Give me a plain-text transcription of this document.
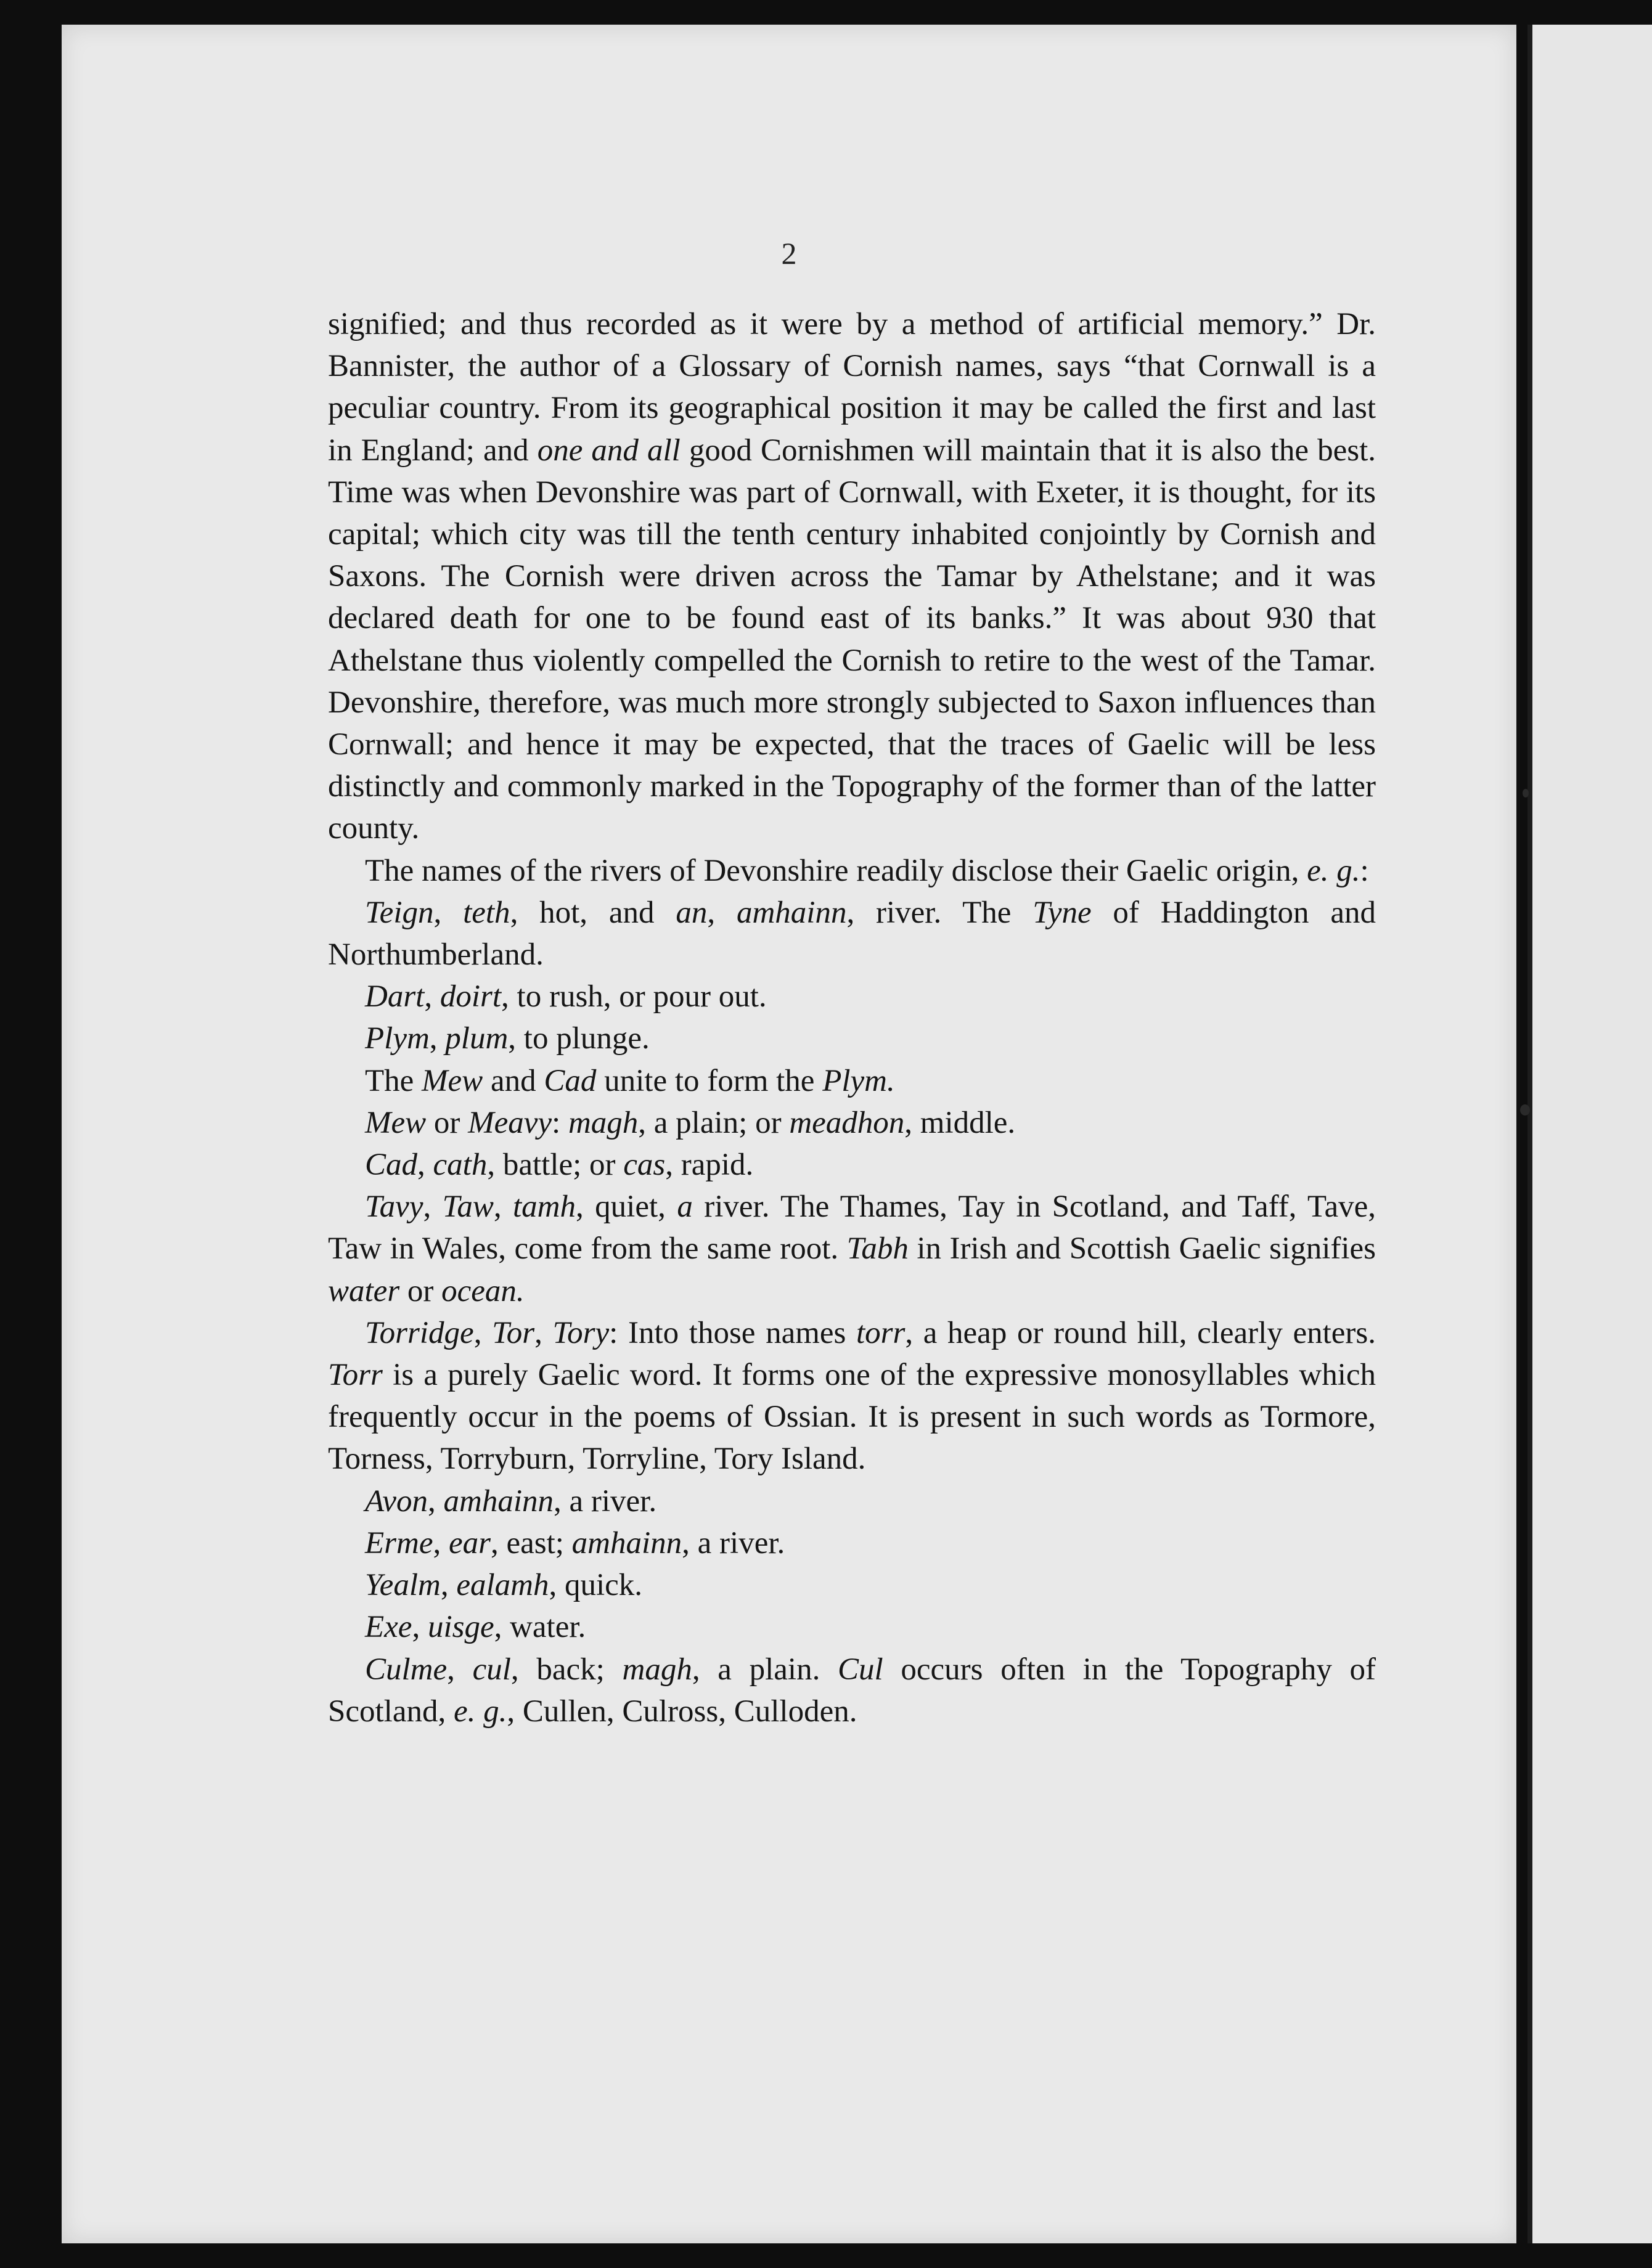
2

signified; and thus recorded as it were by a method of artificial memory.” Dr. Bannister, the author of a Glossary of Cornish names, says “that Cornwall is a peculiar country. From its geographical position it may be called the first and last in England; and one and all good Cornishmen will maintain that it is also the best. Time was when Devonshire was part of Cornwall, with Exeter, it is thought, for its capital; which city was till the tenth century inhabited conjointly by Cornish and Saxons. The Cornish were driven across the Tamar by Athelstane; and it was declared death for one to be found east of its banks.” It was about 930 that Athelstane thus violently compelled the Cornish to retire to the west of the Tamar. Devonshire, therefore, was much more strongly subjected to Saxon influences than Cornwall; and hence it may be expected, that the traces of Gaelic will be less distinctly and commonly marked in the Topography of the former than of the latter county.

The names of the rivers of Devonshire readily disclose their Gaelic origin, e. g.:

Teign, teth, hot, and an, amhainn, river. The Tyne of Haddington and Northumberland.

Dart, doirt, to rush, or pour out.

Plym, plum, to plunge.

The Mew and Cad unite to form the Plym.

Mew or Meavy: magh, a plain; or meadhon, middle.

Cad, cath, battle; or cas, rapid.

Tavy, Taw, tamh, quiet, a river. The Thames, Tay in Scotland, and Taff, Tave, Taw in Wales, come from the same root. Tabh in Irish and Scottish Gaelic signifies water or ocean.

Torridge, Tor, Tory: Into those names torr, a heap or round hill, clearly enters. Torr is a purely Gaelic word. It forms one of the expressive monosyllables which frequently occur in the poems of Ossian. It is present in such words as Tormore, Torness, Torryburn, Torryline, Tory Island.

Avon, amhainn, a river.

Erme, ear, east; amhainn, a river.

Yealm, ealamh, quick.

Exe, uisge, water.

Culme, cul, back; magh, a plain. Cul occurs often in the Topography of Scotland, e. g., Cullen, Culross, Culloden.
